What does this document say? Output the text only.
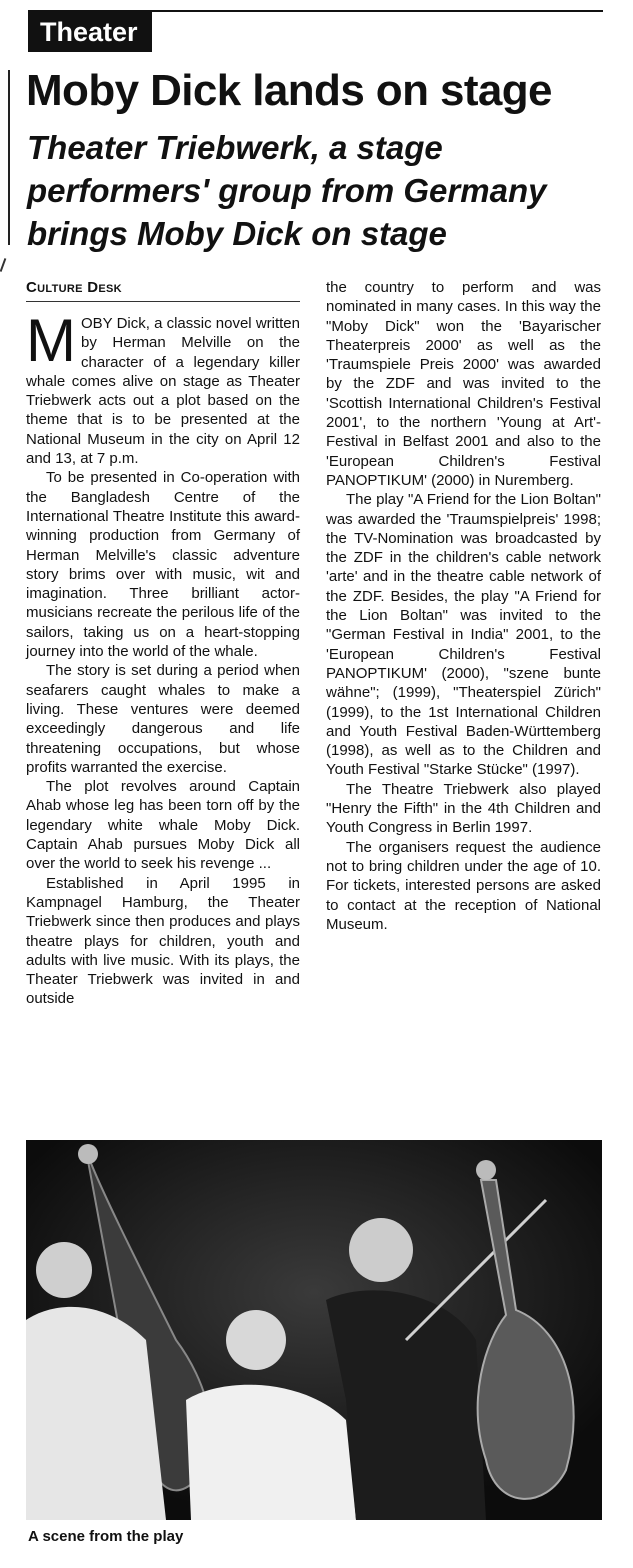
Theater
Moby Dick lands on stage
Theater Triebwerk, a stage performers' group from Germany brings Moby Dick on stage
Culture Desk

MOBY Dick, a classic novel written by Herman Melville on the character of a legendary killer whale comes alive on stage as Theater Triebwerk acts out a plot based on the theme that is to be presented at the National Museum in the city on April 12 and 13, at 7 p.m.

To be presented in Co-operation with the Bangladesh Centre of the International Theatre Institute this award-winning production from Germany of Herman Melville's classic adventure story brims over with music, wit and imagination. Three brilliant actor-musicians recreate the perilous life of the sailors, taking us on a heart-stopping journey into the world of the whale.

The story is set during a period when seafarers caught whales to make a living. These ventures were deemed exceedingly dangerous and life threatening occupations, but whose profits warranted the exercise.

The plot revolves around Captain Ahab whose leg has been torn off by the legendary white whale Moby Dick. Captain Ahab pursues Moby Dick all over the world to seek his revenge ...

Established in April 1995 in Kampnagel Hamburg, the Theater Triebwerk since then produces and plays theatre plays for children, youth and adults with live music. With its plays, the Theater Triebwerk was invited in and outside

the country to perform and was nominated in many cases. In this way the "Moby Dick" won the 'Bayarischer Theaterpreis 2000' as well as the 'Traumspiele Preis 2000' was awarded by the ZDF and was invited to the 'Scottish International Children's Festival 2001', to the northern 'Young at Art'-Festival in Belfast 2001 and also to the 'European Children's Festival PANOPTIKUM' (2000) in Nuremberg.

The play "A Friend for the Lion Boltan" was awarded the 'Traumspielpreis' 1998; the TV-Nomination was broadcasted by the ZDF in the children's cable network 'arte' and in the theatre cable network of the ZDF. Besides, the play "A Friend for the Lion Boltan" was invited to the "German Festival in India" 2001, to the 'European Children's Festival PANOPTIKUM' (2000), "szene bunte wähne"; (1999), "Theaterspiel Zürich" (1999), to the 1st International Children and Youth Festival Baden-Württemberg (1998), as well as to the Children and Youth Festival "Starke Stücke" (1997).

The Theatre Triebwerk also played "Henry the Fifth" in the 4th Children and Youth Congress in Berlin 1997.

The organisers request the audience not to bring children under the age of 10. For tickets, interested persons are asked to contact at the reception of National Museum.

A scene from the play
